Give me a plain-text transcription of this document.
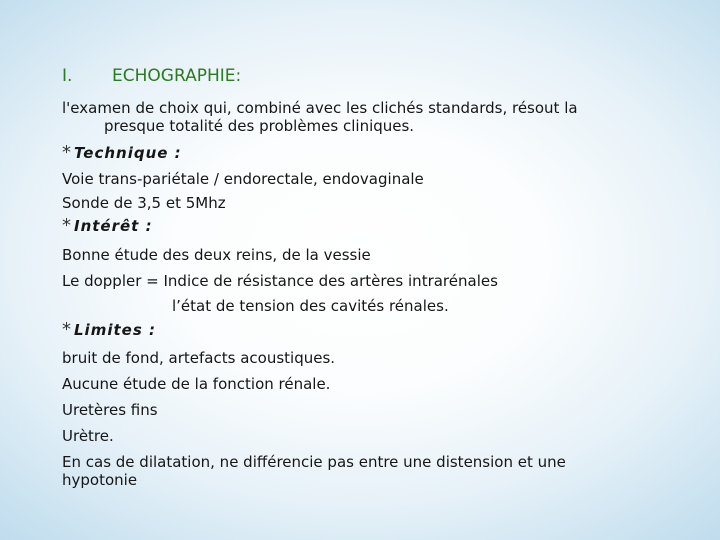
I. ECHOGRAPHIE:
l'examen de choix qui, combiné avec les clichés standards, résout la
presque totalité des problèmes cliniques.
* Technique :
Voie trans-pariétale / endorectale, endovaginale
Sonde de 3,5 et 5Mhz
* Intérêt :
Bonne étude des deux reins, de la vessie
Le doppler = Indice de résistance des artères intrarénales
l’état de tension des cavités rénales.
* Limites :
bruit de fond, artefacts acoustiques.
Aucune étude de la fonction rénale.
Uretères fins
Urètre.
En cas de dilatation, ne différencie pas entre une distension et une
hypotonie
